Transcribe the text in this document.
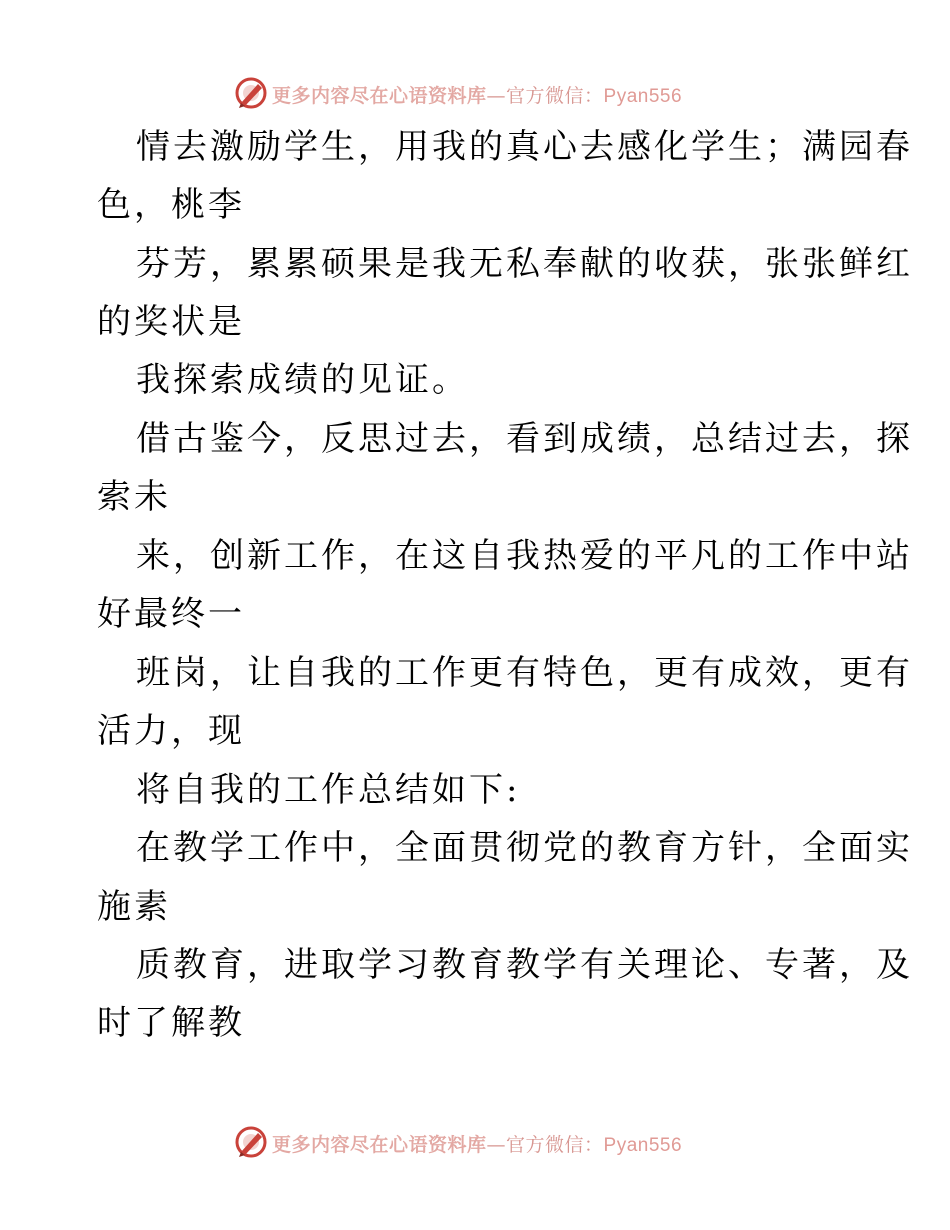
更多内容尽在心语资料库—官方微信：Pyan556
情去激励学生，用我的真心去感化学生；满园春
色，桃李
芬芳，累累硕果是我无私奉献的收获，张张鲜红
的奖状是
我探索成绩的见证。
借古鉴今，反思过去，看到成绩，总结过去，探
索未
来，创新工作，在这自我热爱的平凡的工作中站
好最终一
班岗，让自我的工作更有特色，更有成效，更有
活力，现
将自我的工作总结如下:
在教学工作中，全面贯彻党的教育方针，全面实
施素
质教育，进取学习教育教学有关理论、专著，及
时了解教
更多内容尽在心语资料库—官方微信：Pyan556
